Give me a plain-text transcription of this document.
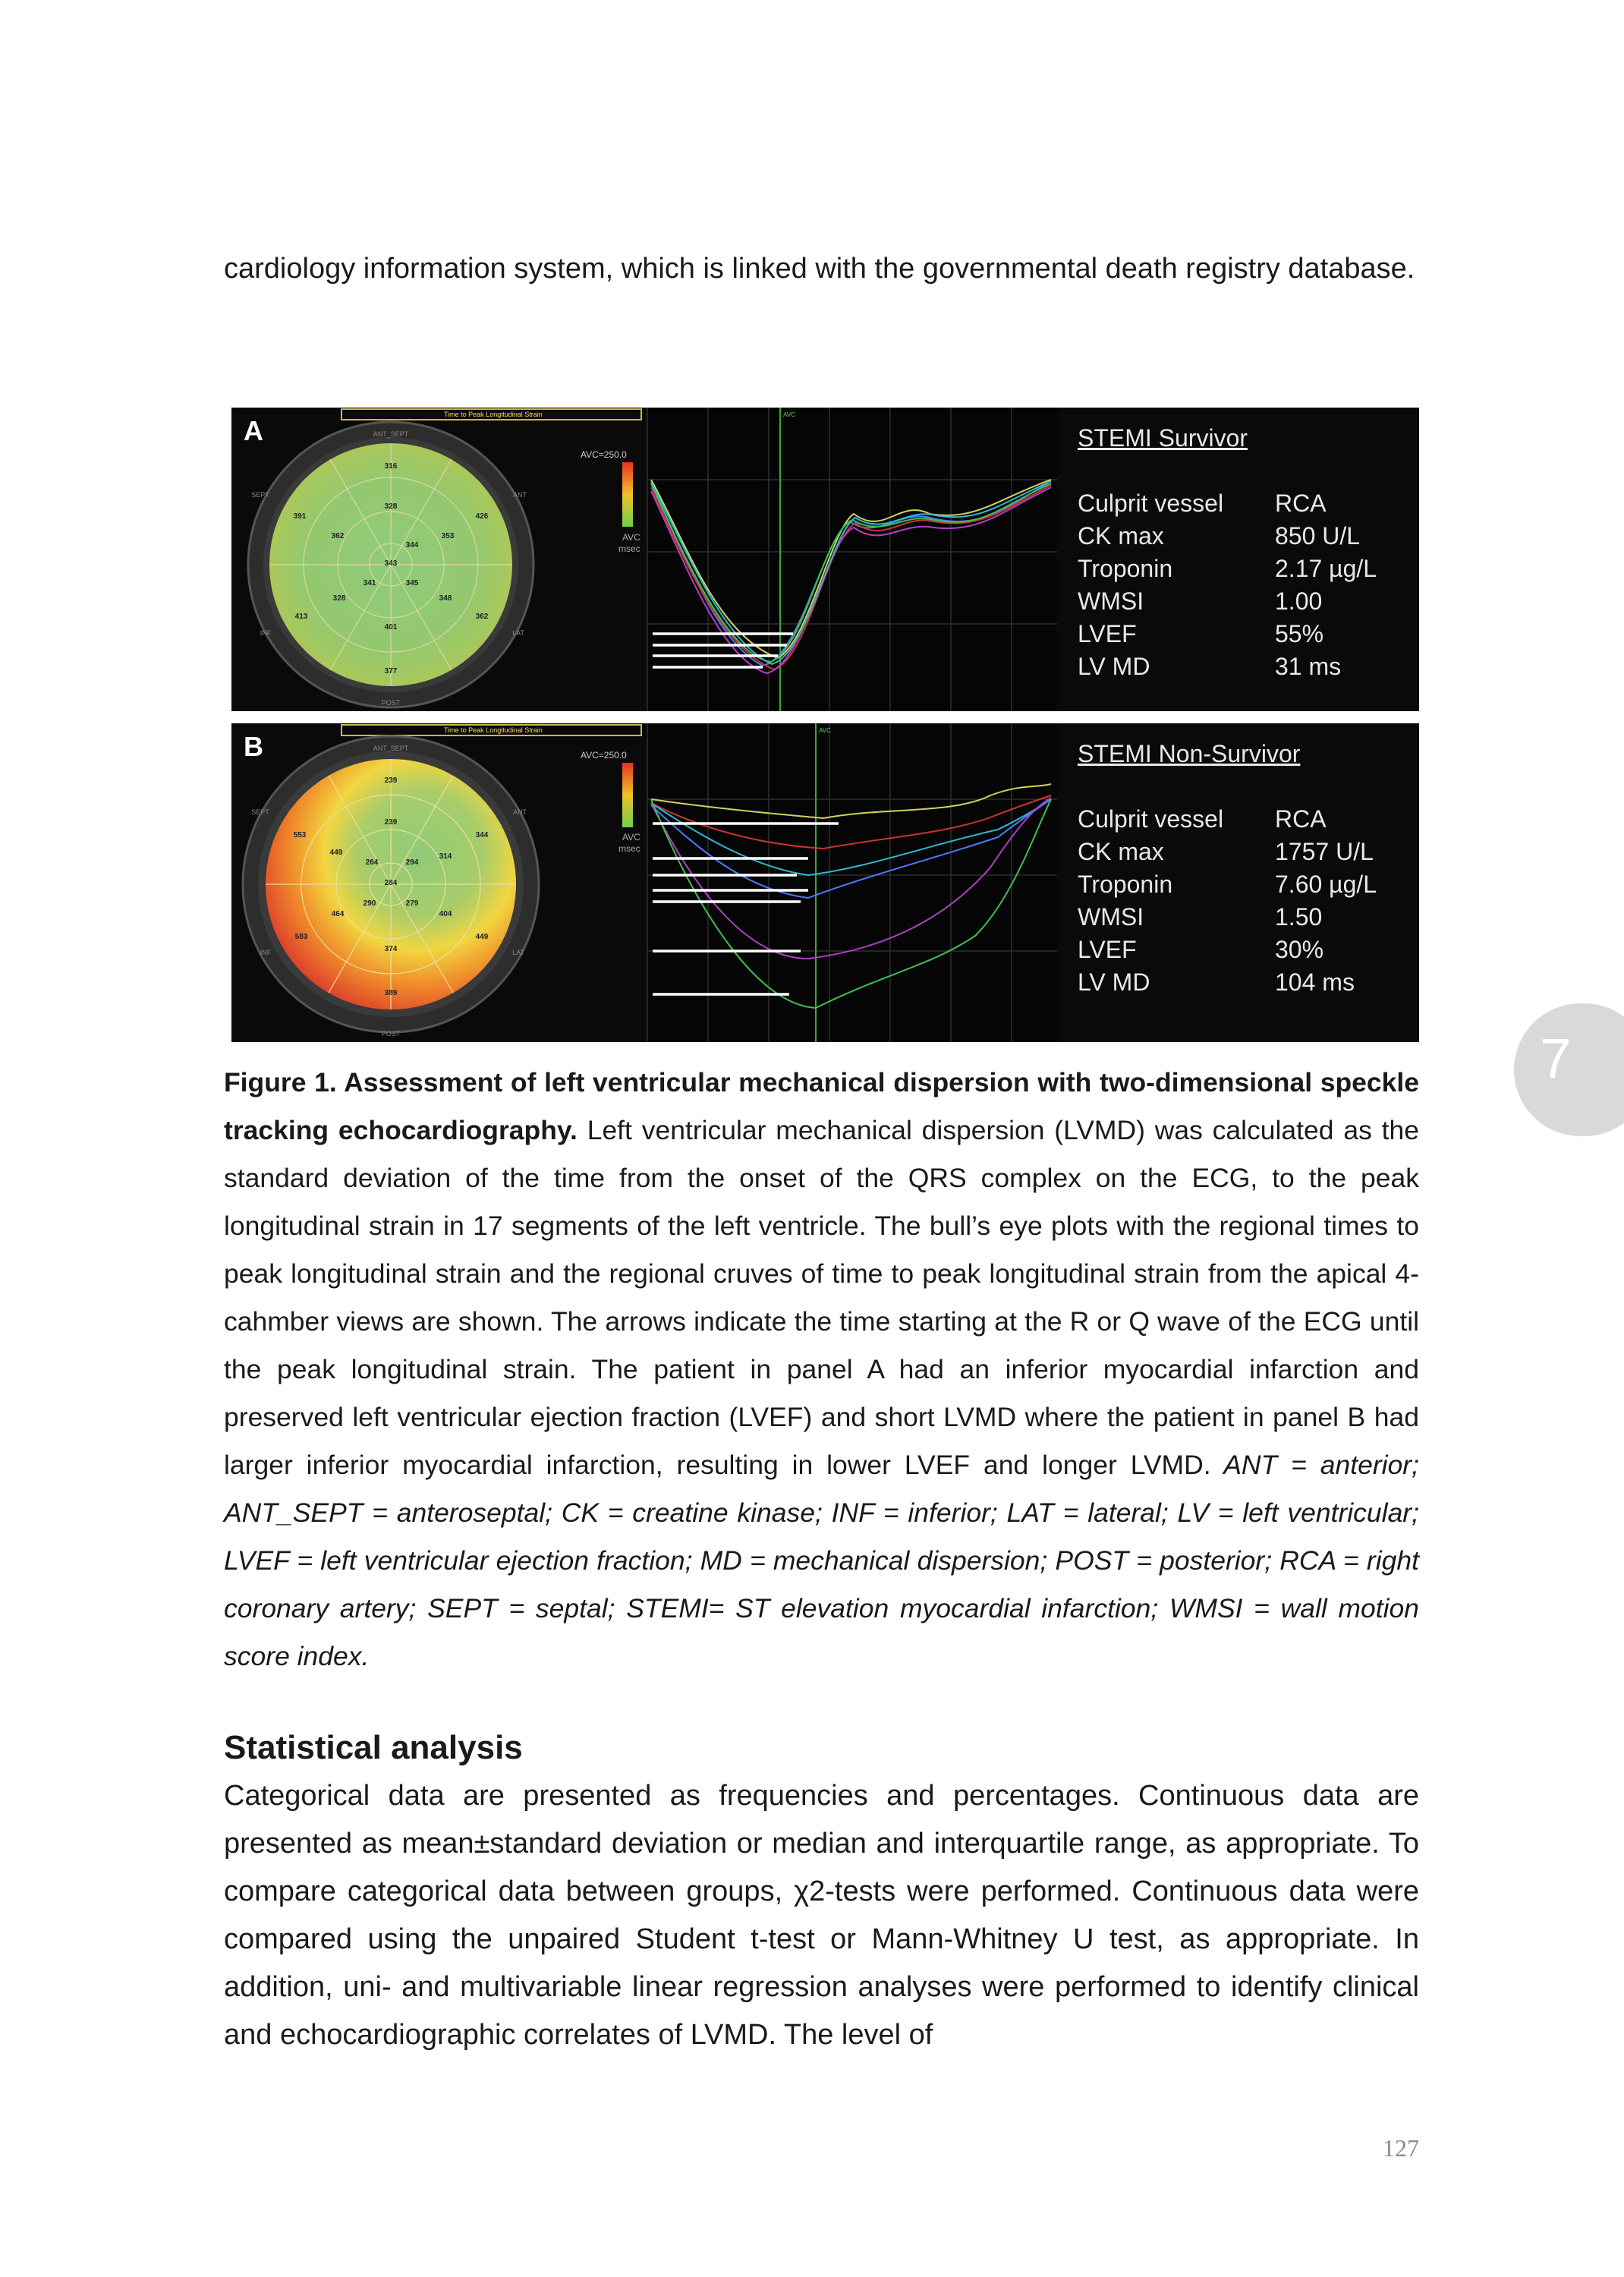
cardiology information system, which is linked with the governmental death registry database.

Time to Peak Longitudinal Strain
316
391	426
328
362
344
353
343
341	345
328	348
413	362
401
377
ANT_SEPT
ANT
SEPT
INF	LAT
POST
AVC=250.0
AVC
msec
AVC
A	STEMI Survivor
Culprit vessel	RCA
CK max	850 U/L
Troponin	2.17 µg/L
WMSI	1.00
LVEF	55%
LV MD	31 ms
Time to Peak Longitudinal Strain
239
553	344
239
449
264	294
314
284
290	279
464	404
583	449
374
389
ANT_SEPT
ANT
SEPT
INF	LAT
POST
AVC=250.0
AVC
msec
AVC
B	STEMI Non-Survivor
Culprit vessel	RCA
CK max	1757 U/L
Troponin	7.60 µg/L
WMSI	1.50
LVEF	30%
LV MD	104 ms

Figure 1. Assessment of left ventricular mechanical dispersion with two-dimensional speckle tracking echocardiography. Left ventricular mechanical dispersion (LVMD) was calculated as the standard deviation of the time from the onset of the QRS complex on the ECG, to the peak longitudinal strain in 17 segments of the left ventricle. The bull’s eye plots with the regional times to peak longitudinal strain and the regional cruves of time to peak longitudinal strain from the apical 4-cahmber views are shown. The arrows indicate the time starting at the R or Q wave of the ECG until the peak longitudinal strain. The patient in panel A had an inferior myocardial infarction and preserved left ventricular ejection fraction (LVEF) and short LVMD where the patient in panel B had larger inferior myocardial infarction, resulting in lower LVEF and longer LVMD. ANT = anterior; ANT_SEPT = anteroseptal; CK = creatine kinase; INF = inferior; LAT = lateral; LV = left ventricular; LVEF = left ventricular ejection fraction; MD = mechanical dispersion; POST = posterior; RCA = right coronary artery; SEPT = septal; STEMI= ST elevation myocardial infarction; WMSI = wall motion score index.

Statistical analysis

Categorical data are presented as frequencies and percentages. Continuous data are presented as mean±standard deviation or median and interquartile range, as appropriate. To compare categorical data between groups, χ2-tests were performed. Continuous data were compared using the unpaired Student t-test or Mann-Whitney U test, as appropriate. In addition, uni- and multivariable linear regression analyses were performed to identify clinical and echocardiographic correlates of LVMD. The level of

7
127
